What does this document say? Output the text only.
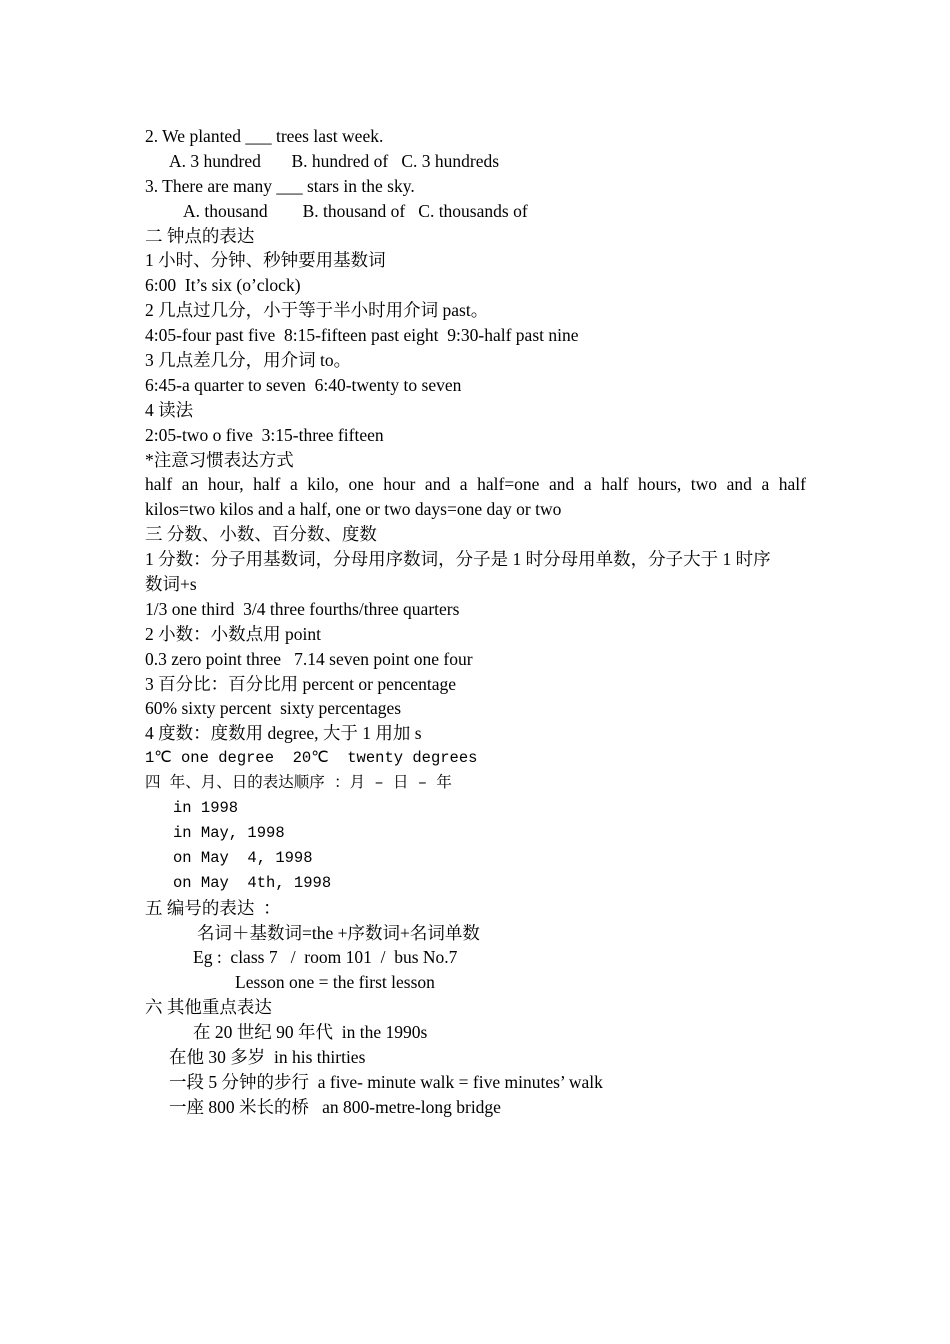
2. We planted ___ trees last week.
A. 3 hundred       B. hundred of   C. 3 hundreds
3. There are many ___ stars in the sky.
A. thousand        B. thousand of   C. thousands of
二 钟点的表达
1 小时、分钟、秒钟要用基数词
6:00  It’s six (o’clock)
2 几点过几分，小于等于半小时用介词 past。
4:05-four past five  8:15-fifteen past eight  9:30-half past nine
3 几点差几分，用介词 to。
6:45-a quarter to seven  6:40-twenty to seven
4 读法
2:05-two o five  3:15-three fifteen
*注意习惯表达方式
half an hour, half a kilo, one hour and a half=one and a half hours, two and a half
kilos=two kilos and a half, one or two days=one day or two
三 分数、小数、百分数、度数
1 分数：分子用基数词，分母用序数词，分子是 1 时分母用单数，分子大于 1 时序
数词+s
1/3 one third  3/4 three fourths/three quarters
2 小数：小数点用 point
0.3 zero point three   7.14 seven point one four
3 百分比：百分比用 percent or pencentage
60% sixty percent  sixty percentages
4 度数：度数用 degree, 大于 1 用加 s
1℃ one degree  20℃  twenty degrees
四 年、月、日的表达顺序 ：月 – 日 – 年
in 1998
in May, 1998
on May  4, 1998
on May  4th, 1998
五 编号的表达  ：
名词＋基数词=the +序数词+名词单数
Eg :  class 7   /  room 101  /  bus No.7
Lesson one = the first lesson
六 其他重点表达
在 20 世纪 90 年代  in the 1990s
在他 30 多岁  in his thirties
一段 5 分钟的步行  a five- minute walk = five minutes’ walk
一座 800 米长的桥   an 800-metre-long bridge
